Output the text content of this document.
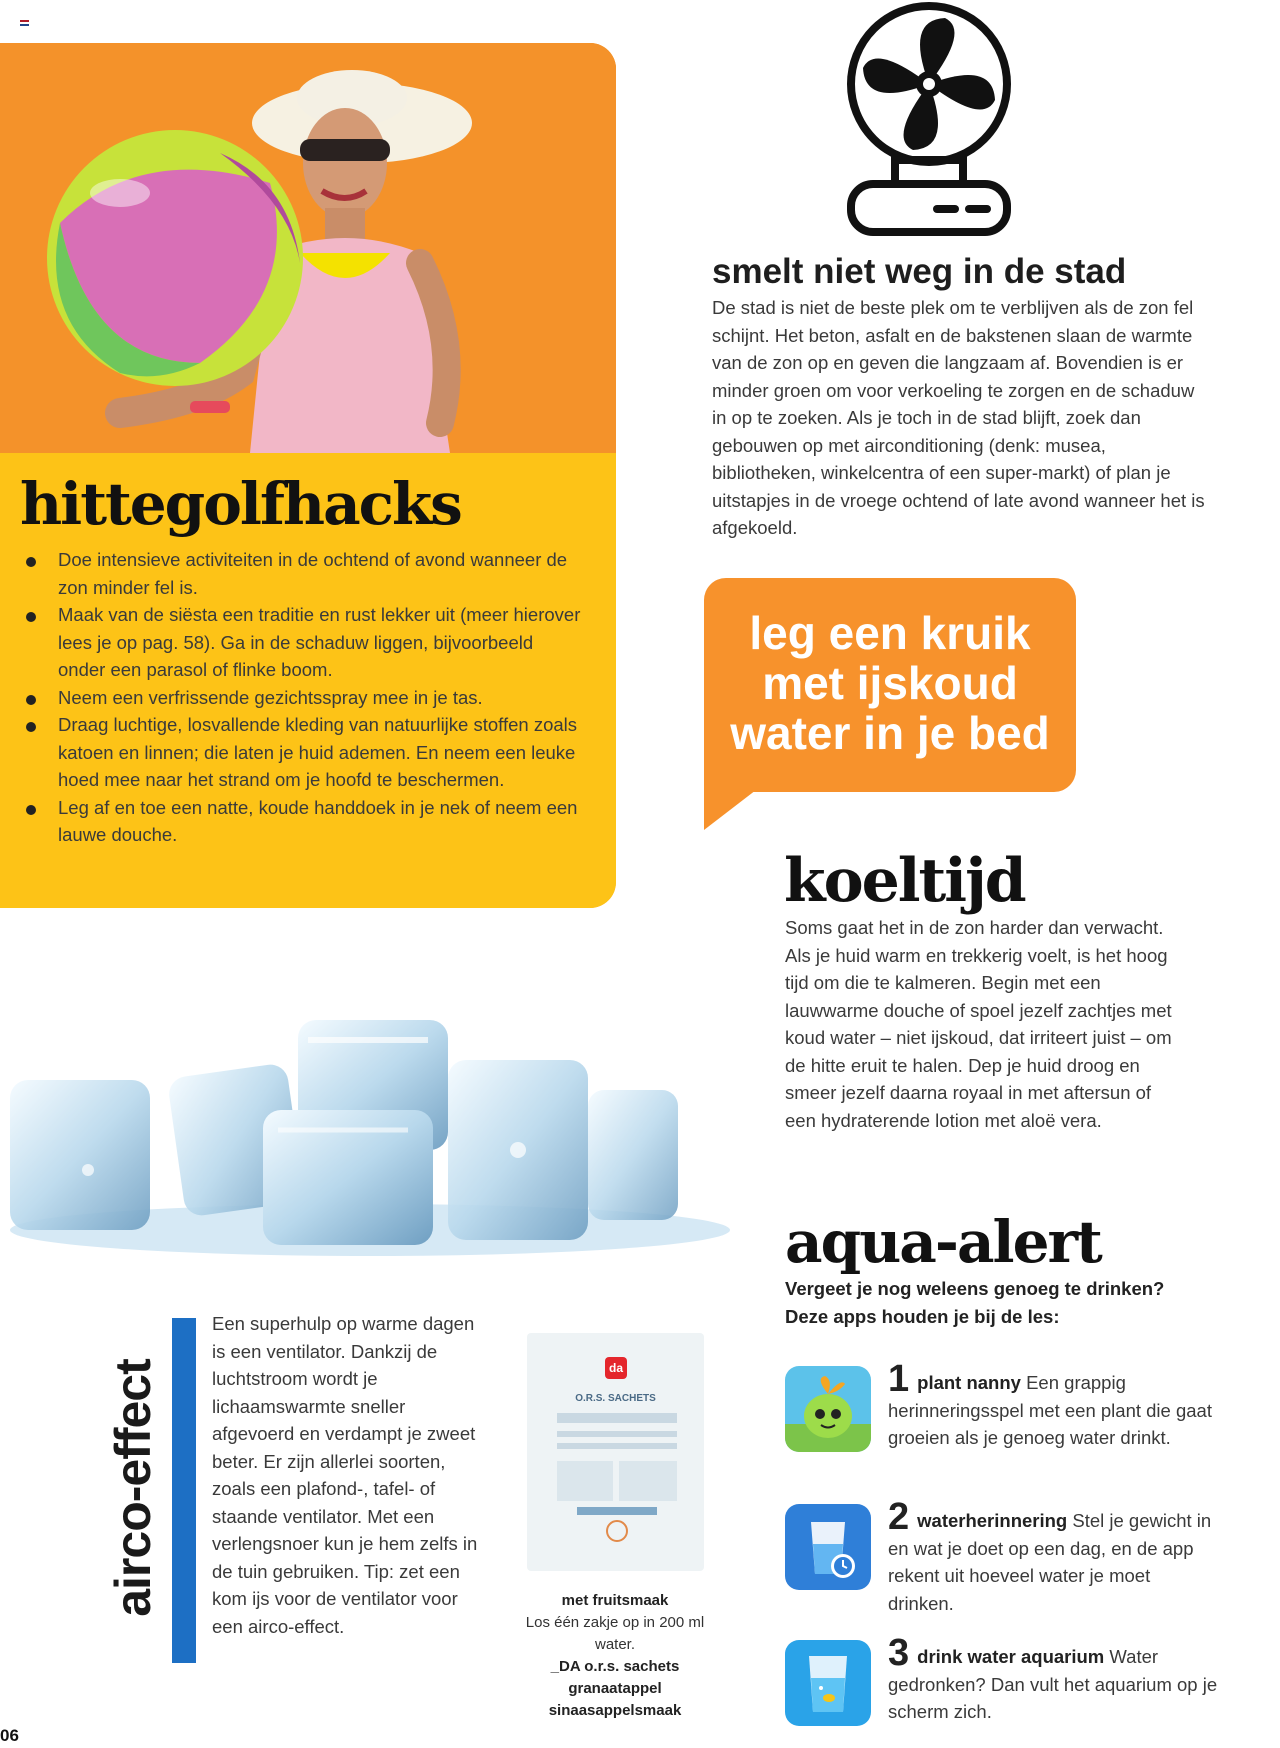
hittegolfhacks
Doe intensieve activiteiten in de ochtend of avond wanneer de zon minder fel is.
Maak van de siësta een traditie en rust lekker uit (meer hierover lees je op pag. 58). Ga in de schaduw liggen, bijvoorbeeld onder een parasol of flinke boom.
Neem een verfrissende gezichtsspray mee in je tas.
Draag luchtige, losvallende kleding van natuurlijke stoffen zoals katoen en linnen; die laten je huid ademen. En neem een leuke hoed mee naar het strand om je hoofd te beschermen.
Leg af en toe een natte, koude handdoek in je nek of neem een lauwe douche.
smelt niet weg in de stad

De stad is niet de beste plek om te verblijven als de zon fel schijnt. Het beton, asfalt en de bakstenen slaan de warmte van de zon op en geven die langzaam af. Bovendien is er minder groen om voor verkoeling te zorgen en de schaduw in op te zoeken. Als je toch in de stad blijft, zoek dan gebouwen op met airconditioning (denk: musea, bibliotheken, winkelcentra of een super-markt) of plan je uitstapjes in de vroege ochtend of late avond wanneer het is afgekoeld.

leg een kruik
met ijskoud
water in je bed
koeltijd

Soms gaat het in de zon harder dan verwacht. Als je huid warm en trekkerig voelt, is het hoog tijd om die te kalmeren. Begin met een lauwwarme douche of spoel jezelf zachtjes met koud water – niet ijskoud, dat irriteert juist – om de hitte eruit te halen. Dep je huid droog en smeer jezelf daarna royaal in met aftersun of een hydraterende lotion met aloë vera.

aqua-alert

Vergeet je nog weleens genoeg te drinken? Deze apps houden je bij de les:

1 plant nanny Een grappig herinneringsspel met een plant die gaat groeien als je genoeg water drinkt.

2 waterherinnering Stel je gewicht in en wat je doet op een dag, en de app rekent uit hoeveel water je moet drinken.

3 drink water aquarium Water gedronken? Dan vult het aquarium op je scherm zich.

airco-effect

Een superhulp op warme dagen is een ventilator. Dankzij de luchtstroom wordt je lichaamswarmte sneller afgevoerd en verdampt je zweet beter. Er zijn allerlei soorten, zoals een plafond-, tafel- of staande ventilator. Met een verlengsnoer kun je hem zelfs in de tuin gebruiken. Tip: zet een kom ijs voor de ventilator voor een airco-effect.

da
O.R.S. SACHETS
met fruitsmaak
Los één zakje op in 200 ml water.
_DA o.r.s. sachets
granaatappel
sinaasappelsmaak
06
